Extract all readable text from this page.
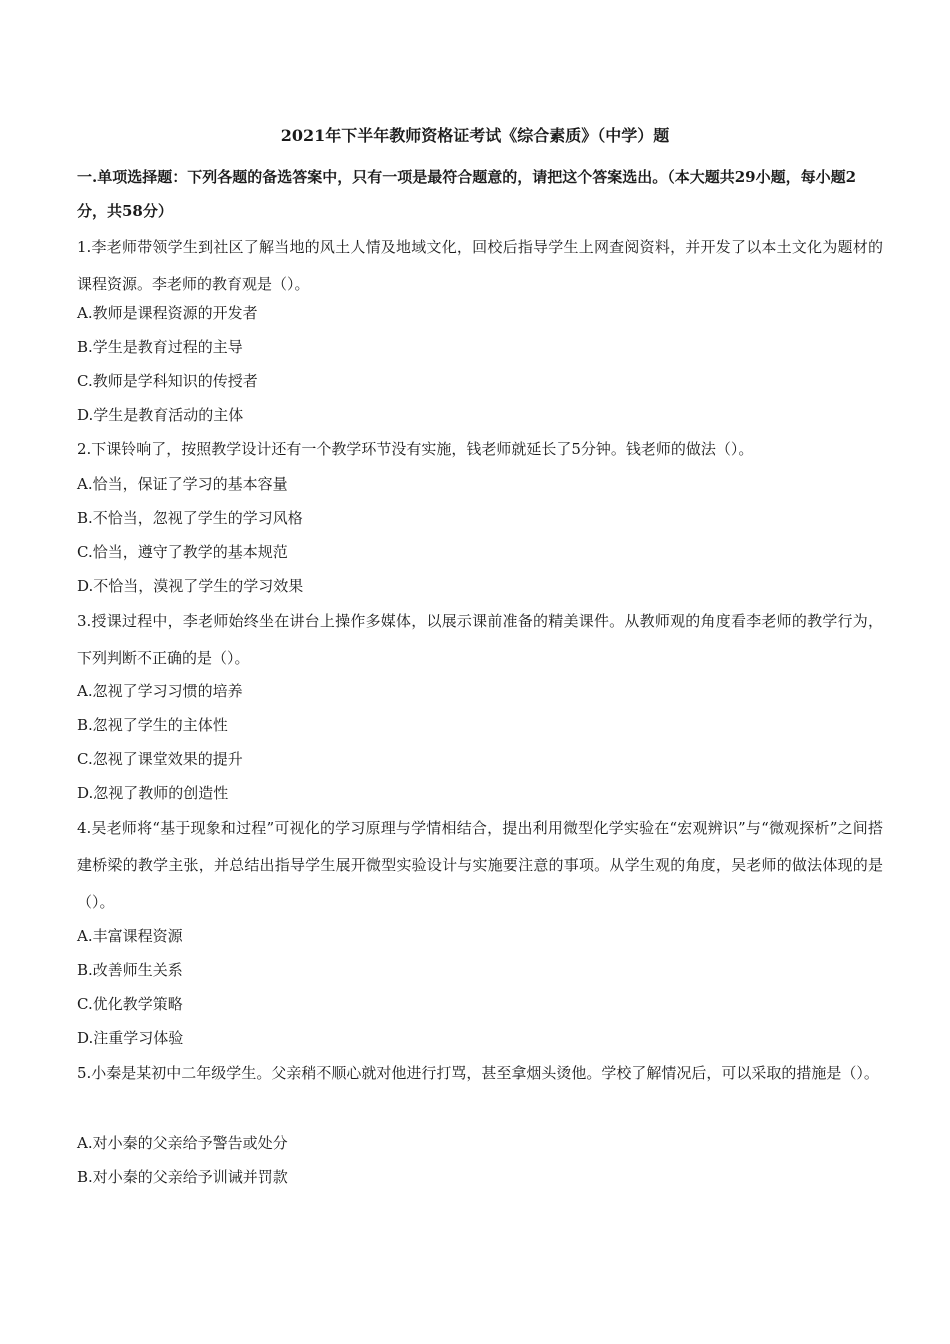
2021年下半年教师资格证考试《综合素质》（中学）题
一.单项选择题：下列各题的备选答案中，只有一项是最符合题意的，请把这个答案选出。（本大题共29小题，每小题2分，共58分）
1.李老师带领学生到社区了解当地的风土人情及地域文化，回校后指导学生上网查阅资料，并开发了以本土文化为题材的课程资源。李老师的教育观是（）。
A.教师是课程资源的开发者
B.学生是教育过程的主导
C.教师是学科知识的传授者
D.学生是教育活动的主体
2.下课铃响了，按照教学设计还有一个教学环节没有实施，钱老师就延长了5分钟。钱老师的做法（）。
A.恰当，保证了学习的基本容量
B.不恰当，忽视了学生的学习风格
C.恰当，遵守了教学的基本规范
D.不恰当，漠视了学生的学习效果
3.授课过程中，李老师始终坐在讲台上操作多媒体，以展示课前准备的精美课件。从教师观的角度看李老师的教学行为，下列判断不正确的是（）。
A.忽视了学习习惯的培养
B.忽视了学生的主体性
C.忽视了课堂效果的提升
D.忽视了教师的创造性
4.吴老师将“基于现象和过程”可视化的学习原理与学情相结合，提出利用微型化学实验在“宏观辨识”与“微观探析”之间搭建桥梁的教学主张，并总结出指导学生展开微型实验设计与实施要注意的事项。从学生观的角度，吴老师的做法体现的是（）。
A.丰富课程资源
B.改善师生关系
C.优化教学策略
D.注重学习体验
5.小秦是某初中二年级学生。父亲稍不顺心就对他进行打骂，甚至拿烟头烫他。学校了解情况后，可以采取的措施是（）。
A.对小秦的父亲给予警告或处分
B.对小秦的父亲给予训诫并罚款
